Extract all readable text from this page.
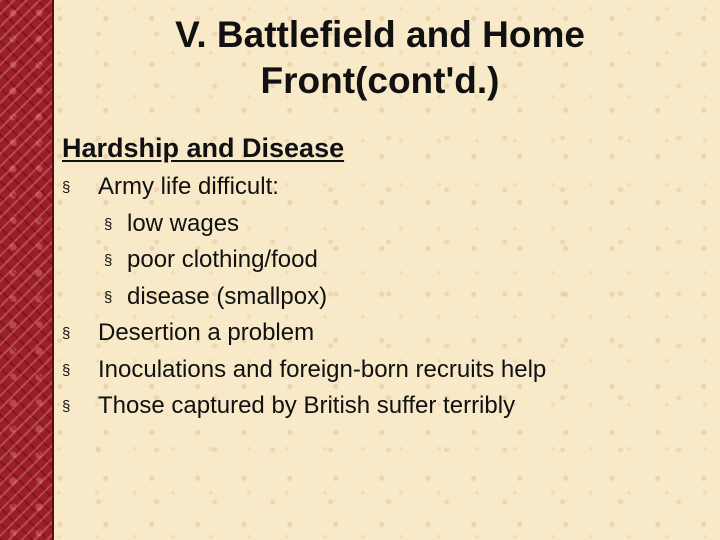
V. Battlefield and Home
Front(cont'd.)
Hardship and Disease
§	Army life difficult:
§ low wages
§ poor clothing/food
§ disease (smallpox)
§	Desertion a problem
§	Inoculations and foreign-born recruits help
§	Those captured by British suffer terribly
